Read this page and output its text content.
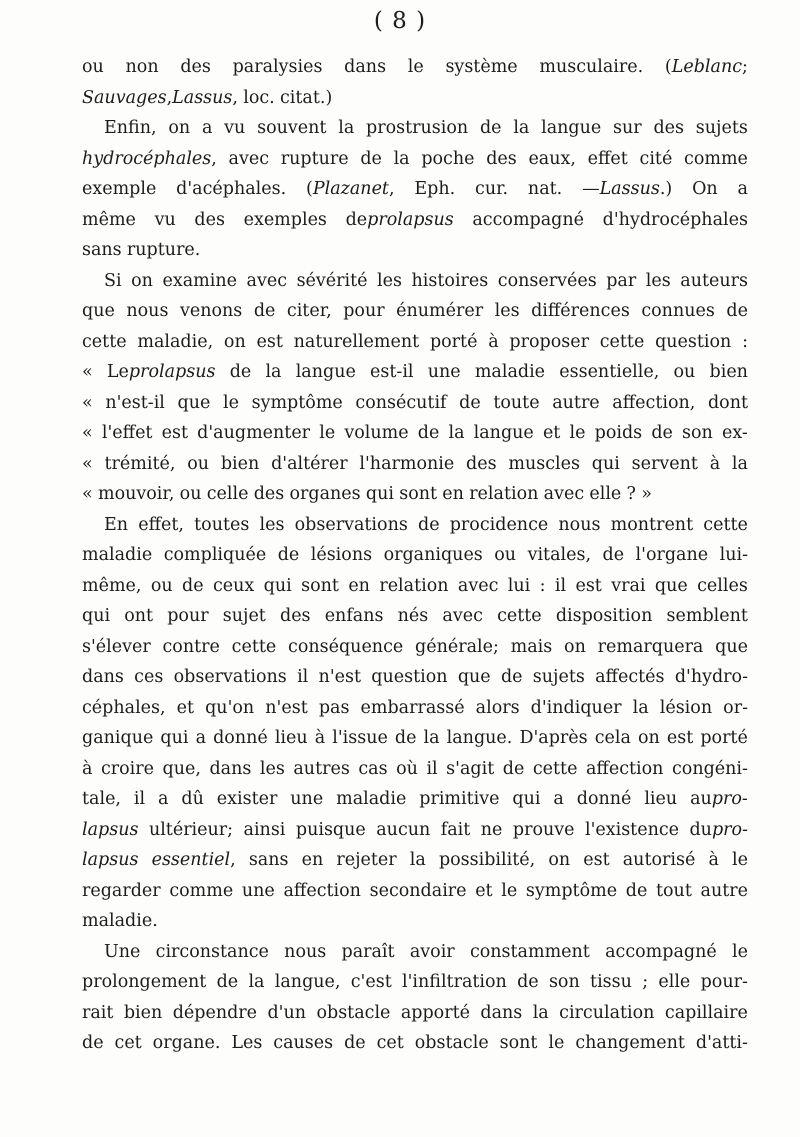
( 8 )
ou non des paralysies dans le système musculaire. (Leblanc;
Sauvages,Lassus, loc. citat.)
Enfin, on a vu souvent la prostrusion de la langue sur des sujets
hydrocéphales, avec rupture de la poche des eaux, effet cité comme
exemple d'acéphales. (Plazanet, Eph. cur. nat. —Lassus.) On a
même vu des exemples deprolapsus accompagné d'hydrocéphales
sans rupture.
Si on examine avec sévérité les histoires conservées par les auteurs
que nous venons de citer, pour énumérer les différences connues de
cette maladie, on est naturellement porté à proposer cette question :
« Leprolapsus de la langue est-il une maladie essentielle, ou bien
« n'est-il que le symptôme consécutif de toute autre affection, dont
« l'effet est d'augmenter le volume de la langue et le poids de son ex-
« trémité, ou bien d'altérer l'harmonie des muscles qui servent à la
« mouvoir, ou celle des organes qui sont en relation avec elle ? »
En effet, toutes les observations de procidence nous montrent cette
maladie compliquée de lésions organiques ou vitales, de l'organe lui-
même, ou de ceux qui sont en relation avec lui : il est vrai que celles
qui ont pour sujet des enfans nés avec cette disposition semblent
s'élever contre cette conséquence générale; mais on remarquera que
dans ces observations il n'est question que de sujets affectés d'hydro-
céphales, et qu'on n'est pas embarrassé alors d'indiquer la lésion or-
ganique qui a donné lieu à l'issue de la langue. D'après cela on est porté
à croire que, dans les autres cas où il s'agit de cette affection congéni-
tale, il a dû exister une maladie primitive qui a donné lieu aupro-
lapsus ultérieur; ainsi puisque aucun fait ne prouve l'existence dupro-
lapsus essentiel, sans en rejeter la possibilité, on est autorisé à le
regarder comme une affection secondaire et le symptôme de tout autre
maladie.
Une circonstance nous paraît avoir constamment accompagné le
prolongement de la langue, c'est l'infiltration de son tissu ; elle pour-
rait bien dépendre d'un obstacle apporté dans la circulation capillaire
de cet organe. Les causes de cet obstacle sont le changement d'atti-
